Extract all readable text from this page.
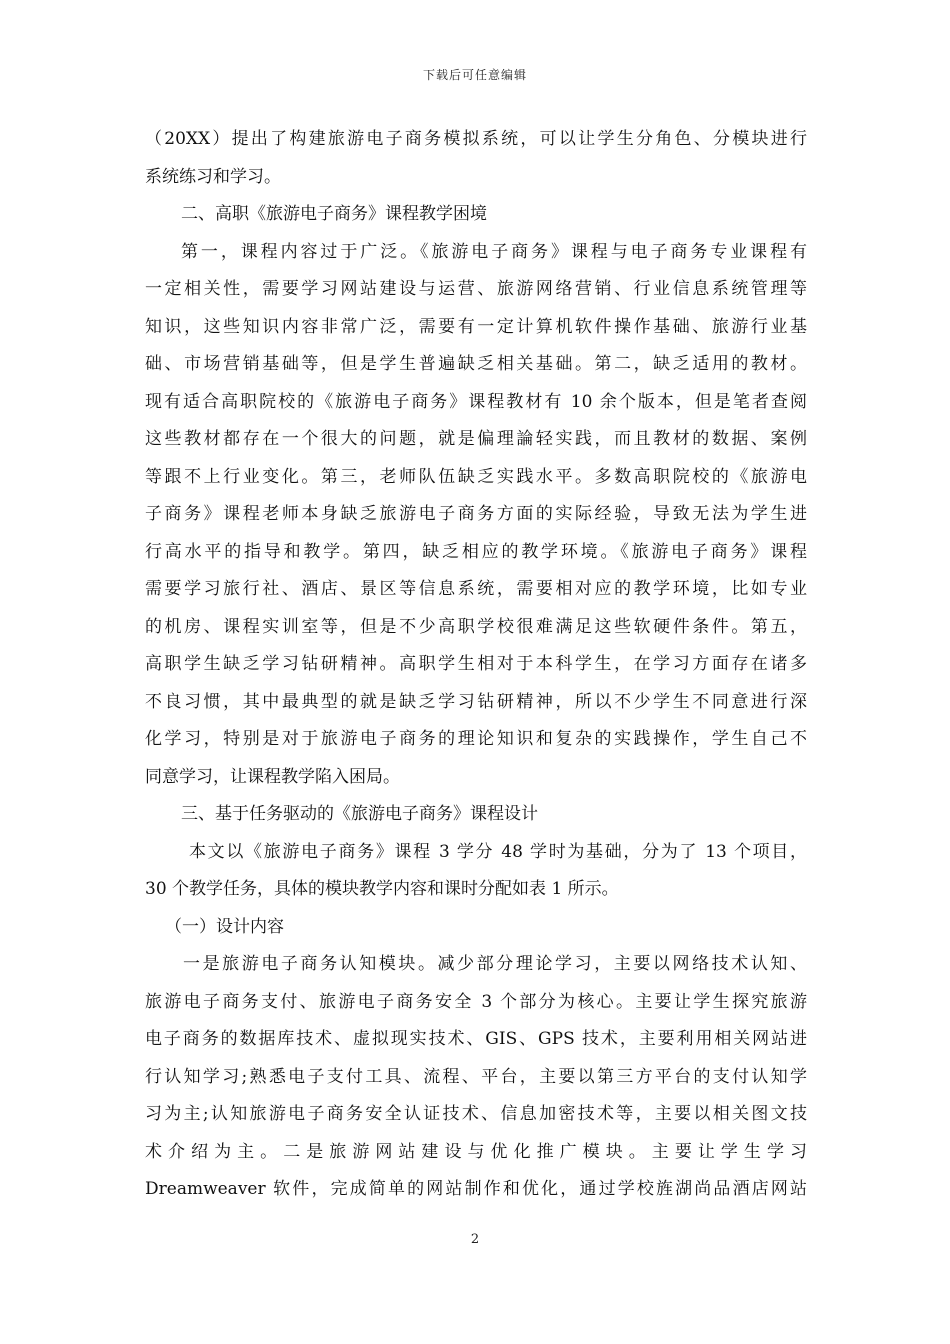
下载后可任意编辑
（20XX）提出了构建旅游电子商务模拟系统，可以让学生分角色、分模块进行
系统练习和学习。
二、高职《旅游电子商务》课程教学困境
第一，课程内容过于广泛。《旅游电子商务》课程与电子商务专业课程有
一定相关性，需要学习网站建设与运营、旅游网络营销、行业信息系统管理等
知识，这些知识内容非常广泛，需要有一定计算机软件操作基础、旅游行业基
础、市场营销基础等，但是学生普遍缺乏相关基础。第二，缺乏适用的教材。
现有适合高职院校的《旅游电子商务》课程教材有 10 余个版本，但是笔者查阅
这些教材都存在一个很大的问题，就是偏理論轻实践，而且教材的数据、案例
等跟不上行业变化。第三，老师队伍缺乏实践水平。多数高职院校的《旅游电
子商务》课程老师本身缺乏旅游电子商务方面的实际经验，导致无法为学生进
行高水平的指导和教学。第四，缺乏相应的教学环境。《旅游电子商务》课程
需要学习旅行社、酒店、景区等信息系统，需要相对应的教学环境，比如专业
的机房、课程实训室等，但是不少高职学校很难满足这些软硬件条件。第五，
高职学生缺乏学习钻研精神。高职学生相对于本科学生，在学习方面存在诸多
不良习惯，其中最典型的就是缺乏学习钻研精神，所以不少学生不同意进行深
化学习，特别是对于旅游电子商务的理论知识和复杂的实践操作，学生自己不
同意学习，让课程教学陷入困局。
三、基于任务驱动的《旅游电子商务》课程设计
本文以《旅游电子商务》课程 3 学分 48 学时为基础，分为了 13 个项目，
30 个教学任务，具体的模块教学内容和课时分配如表 1 所示。
（一）设计内容
一是旅游电子商务认知模块。减少部分理论学习，主要以网络技术认知、
旅游电子商务支付、旅游电子商务安全 3 个部分为核心。主要让学生探究旅游
电子商务的数据库技术、虚拟现实技术、GIS、GPS 技术，主要利用相关网站进
行认知学习;熟悉电子支付工具、流程、平台，主要以第三方平台的支付认知学
习为主;认知旅游电子商务安全认证技术、信息加密技术等，主要以相关图文技
术介绍为主。二是旅游网站建设与优化推广模块。主要让学生学习
Dreamweaver 软件，完成简单的网站制作和优化，通过学校旌湖尚品酒店网站
2
